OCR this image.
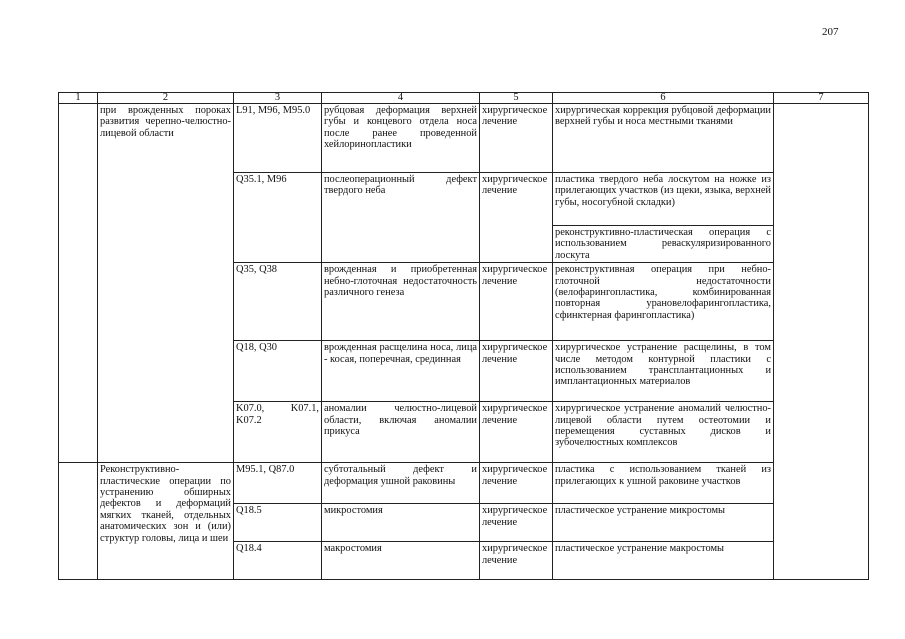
207
1	2	3	4	5	6	7
	при врожденных пороках развития черепно-челюстно-лицевой области	L91, M96, M95.0	рубцовая деформация верхней губы и концевого отдела носа после ранее проведенной хейлоринопластики	хирургическое лечение	хирургическая коррекция рубцовой деформации верхней губы и носа местными тканями	
		Q35.1, M96	послеоперационный дефект твердого неба	хирургическое лечение	пластика твердого неба лоскутом на ножке из прилегающих участков (из щеки, языка, верхней губы, носогубной складки)	
					реконструктивно-пластическая операция с использованием реваскуляризированного лоскута	
		Q35, Q38	врожденная и приобретенная небно-глоточная недостаточность различного генеза	хирургическое лечение	реконструктивная операция при небно-глоточной недостаточности (велофарингопластика, комбинированная повторная урановелофарингопластика, сфинктерная фарингопластика)	
		Q18, Q30	врожденная расщелина носа, лица - косая, поперечная, срединная	хирургическое лечение	хирургическое устранение расщелины, в том числе методом контурной пластики с использованием трансплантационных и имплантационных материалов	
		K07.0, K07.1, K07.2	аномалии челюстно-лицевой области, включая аномалии прикуса	хирургическое лечение	хирургическое устранение аномалий челюстно-лицевой области путем остеотомии и перемещения суставных дисков и зубочелюстных комплексов	
	Реконструктивно-пластические операции по устранению обширных дефектов и деформаций мягких тканей, отдельных анатомических зон и (или) структур головы, лица и шеи	M95.1, Q87.0	субтотальный дефект и деформация ушной раковины	хирургическое лечение	пластика с использованием тканей из прилегающих к ушной раковине участков	
		Q18.5	микростомия	хирургическое лечение	пластическое устранение микростомы	
		Q18.4	макростомия	хирургическое лечение	пластическое устранение макростомы	
